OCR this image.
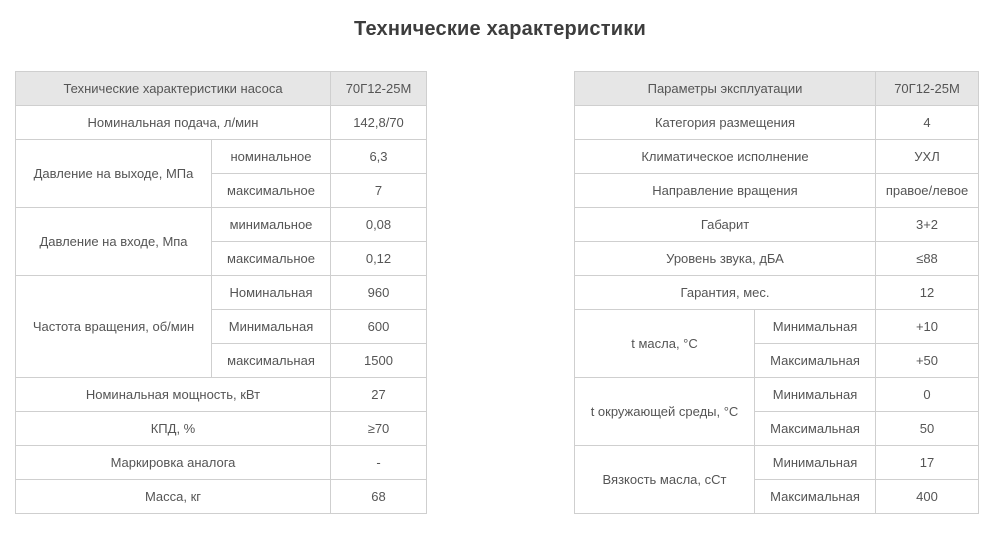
Технические характеристики
Технические характеристики насоса		70Г12-25М
Номинальная подача, л/мин		142,8/70
Давление на выходе, МПа	номинальное	6,3
	максимальное	7
Давление на входе, Мпа	минимальное	0,08
	максимальное	0,12
Частота вращения, об/мин	Номинальная	960
	Минимальная	600
	максимальная	1500
Номинальная мощность, кВт		27
КПД, %		≥70
Маркировка аналога		-
Масса, кг		68
Параметры эксплуатации		70Г12-25М
Категория размещения		4
Климатическое исполнение		УХЛ
Направление вращения		правое/левое
Габарит		3+2
Уровень звука, дБА		≤88
Гарантия, мес.		12
t масла, °С	Минимальная	+10
	Максимальная	+50
t окружающей среды, °С	Минимальная	0
	Максимальная	50
Вязкость масла, сСт	Минимальная	17
	Максимальная	400
